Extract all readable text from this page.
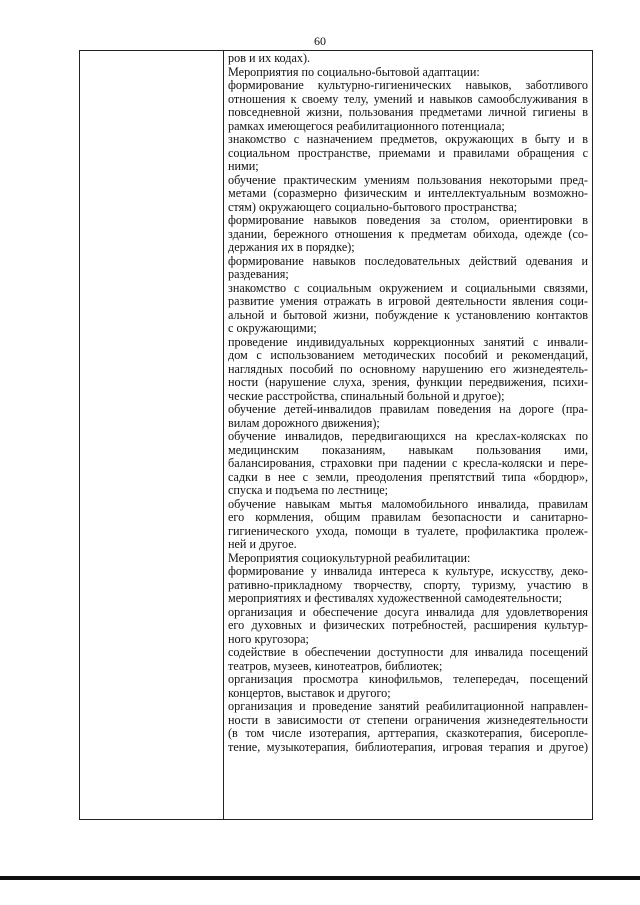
60
ров и их кодах).
Мероприятия по социально-бытовой адаптации:
формирование культурно-гигиенических навыков, заботливого
отношения к своему телу, умений и навыков самообслуживания в
повседневной жизни, пользования предметами личной гигиены в
рамках имеющегося реабилитационного потенциала;
знакомство с назначением предметов, окружающих в быту и в
социальном пространстве, приемами и правилами обращения с
ними;
обучение практическим умениям пользования некоторыми пред-
метами (соразмерно физическим и интеллектуальным возможно-
стям) окружающего социально-бытового пространства;
формирование навыков поведения за столом, ориентировки в
здании, бережного отношения к предметам обихода, одежде (со-
держания их в порядке);
формирование навыков последовательных действий одевания и
раздевания;
знакомство с социальным окружением и социальными связями,
развитие умения отражать в игровой деятельности явления соци-
альной и бытовой жизни, побуждение к установлению контактов
с окружающими;
проведение индивидуальных коррекционных занятий с инвали-
дом с использованием методических пособий и рекомендаций,
наглядных пособий по основному нарушению его жизнедеятель-
ности (нарушение слуха, зрения, функции передвижения, психи-
ческие расстройства, спинальный больной и другое);
обучение детей-инвалидов правилам поведения на дороге (пра-
вилам дорожного движения);
обучение инвалидов, передвигающихся на креслах-колясках по
медицинским показаниям, навыкам пользования ими,
балансирования, страховки при падении с кресла-коляски и пере-
садки в нее с земли, преодоления препятствий типа «бордюр»,
спуска и подъема по лестнице;
обучение навыкам мытья маломобильного инвалида, правилам
его кормления, общим правилам безопасности и санитарно-
гигиенического ухода, помощи в туалете, профилактика пролеж-
ней и другое.
Мероприятия социокультурной реабилитации:
формирование у инвалида интереса к культуре, искусству, деко-
ративно-прикладному творчеству, спорту, туризму, участию в
мероприятиях и фестивалях художественной самодеятельности;
организация и обеспечение досуга инвалида для удовлетворения
его духовных и физических потребностей, расширения культур-
ного кругозора;
содействие в обеспечении доступности для инвалида посещений
театров, музеев, кинотеатров, библиотек;
организация просмотра кинофильмов, телепередач, посещений
концертов, выставок и другого;
организация и проведение занятий реабилитационной направлен-
ности в зависимости от степени ограничения жизнедеятельности
(в том числе изотерапия, арттерапия, сказкотерапия, бисеропле-
тение, музыкотерапия, библиотерапия, игровая терапия и другое)
